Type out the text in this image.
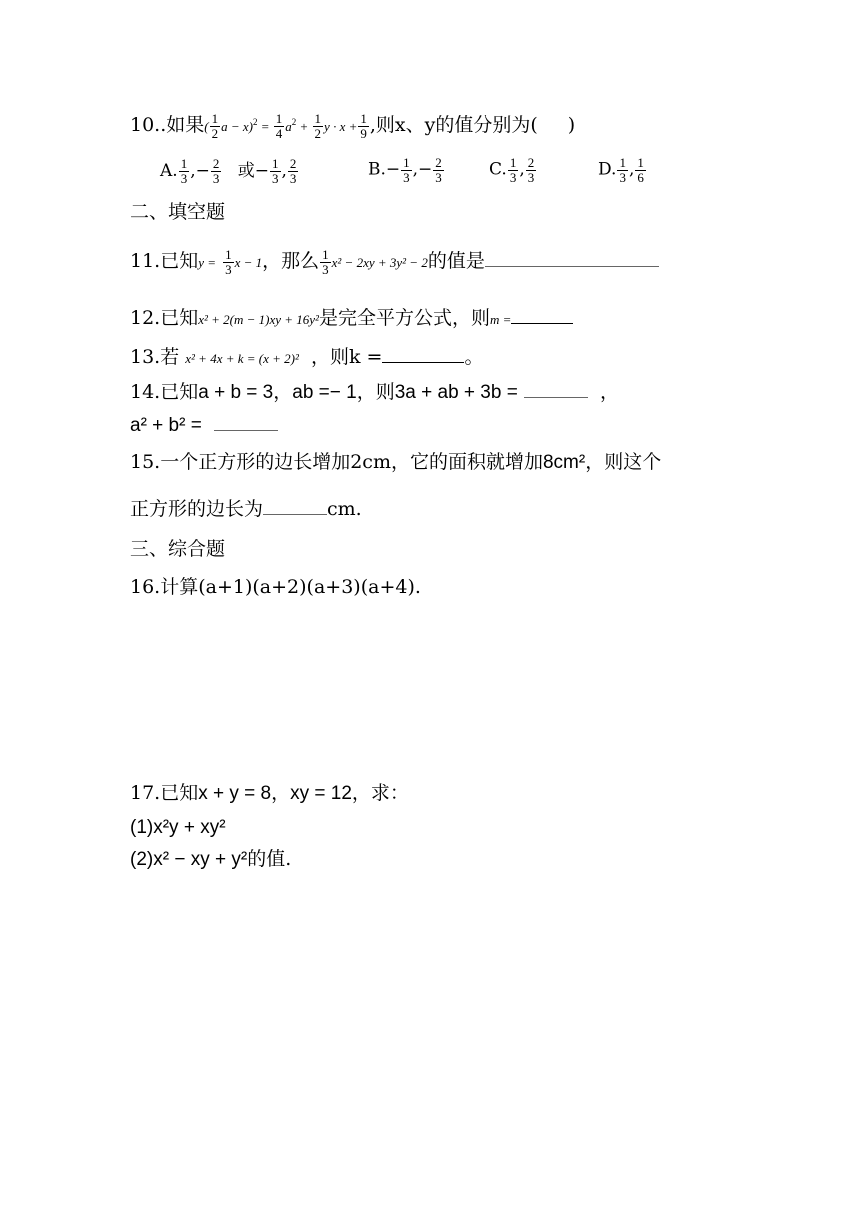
10..如果( $\frac{1}{2}$ $a - x)^2 = \frac{1}{4} a^2 + \frac{1}{2}$ $y \cdot x + \frac{1}{9}$ ,则x、y的值分别为( )
A. $\frac{1}{3}$ ,− $\frac{2}{3}$ 或− $\frac{1}{3}$ , $\frac{2}{3}$	$B.- \frac{1}{3}$ ,− $\frac{2}{3}$	C. $\frac{1}{3}$ , $\frac{2}{3}$	D. $\frac{1}{3}$ , $\frac{1}{6}$
二、填空题
11.已知$y = \frac{1}{3}$ x − 1，那么 $\frac{1}{3} x^2 - 2xy + 3y^2 - 2$的值是
12.已知x² + 2(m − 1)xy + 16y²是完全平方公式，则m =
13.若 x² + 4x + k = (x + 2)² ，则k =	。
14.已知a + b = 3，ab =− 1，则3a + ab + 3b =	，
a² + b² =
15.一个正方形的边长增加2cm，它的面积就增加8cm²，则这个
正方形的边长为	cm.
三、综合题
16.计算(a+1)(a+2)(a+3)(a+4).
17.已知x + y = 8，xy = 12，求：
(1)x²y + xy²
(2)x² − xy + y²的值.
